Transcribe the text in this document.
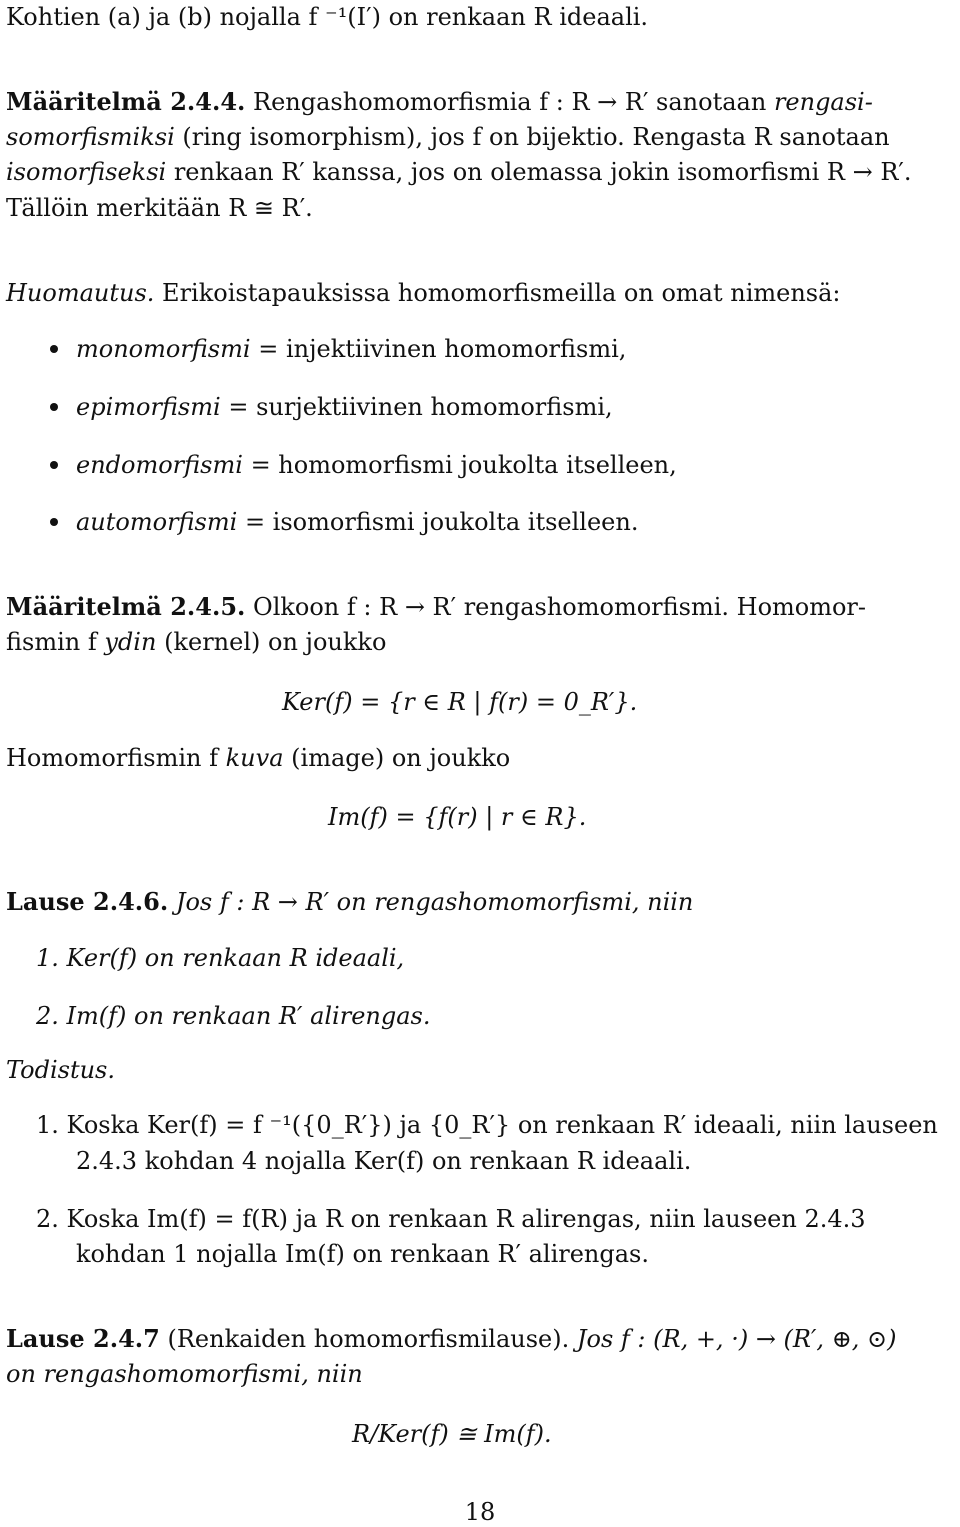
Kohtien (a) ja (b) nojalla f ⁻¹(I′) on renkaan R ideaali.
Määritelmä 2.4.4. Rengashomomorfismia f : R → R′ sanotaan rengasi-
somorfismiksi (ring isomorphism), jos f on bijektio. Rengasta R sanotaan
isomorfiseksi renkaan R′ kanssa, jos on olemassa jokin isomorfismi R → R′.
Tällöin merkitään R ≅ R′.
Huomautus. Erikoistapauksissa homomorfismeilla on omat nimensä:
monomorfismi = injektiivinen homomorfismi,
epimorfismi = surjektiivinen homomorfismi,
endomorfismi = homomorfismi joukolta itselleen,
automorfismi = isomorfismi joukolta itselleen.
Määritelmä 2.4.5. Olkoon f : R → R′ rengashomomorfismi. Homomor-
fismin f ydin (kernel) on joukko
Ker(f) = {r ∈ R | f(r) = 0_R′}.
Homomorfismin f kuva (image) on joukko
Im(f) = {f(r) | r ∈ R}.
Lause 2.4.6. Jos f : R → R′ on rengashomomorfismi, niin
1. Ker(f) on renkaan R ideaali,
2. Im(f) on renkaan R′ alirengas.
Todistus.
1. Koska Ker(f) = f ⁻¹({0_R′}) ja {0_R′} on renkaan R′ ideaali, niin lauseen
2.4.3 kohdan 4 nojalla Ker(f) on renkaan R ideaali.
2. Koska Im(f) = f(R) ja R on renkaan R alirengas, niin lauseen 2.4.3
kohdan 1 nojalla Im(f) on renkaan R′ alirengas.
Lause 2.4.7 (Renkaiden homomorfismilause). Jos f : (R, +, ·) → (R′, ⊕, ⊙)
on rengashomomorfismi, niin
R/Ker(f) ≅ Im(f).
18
